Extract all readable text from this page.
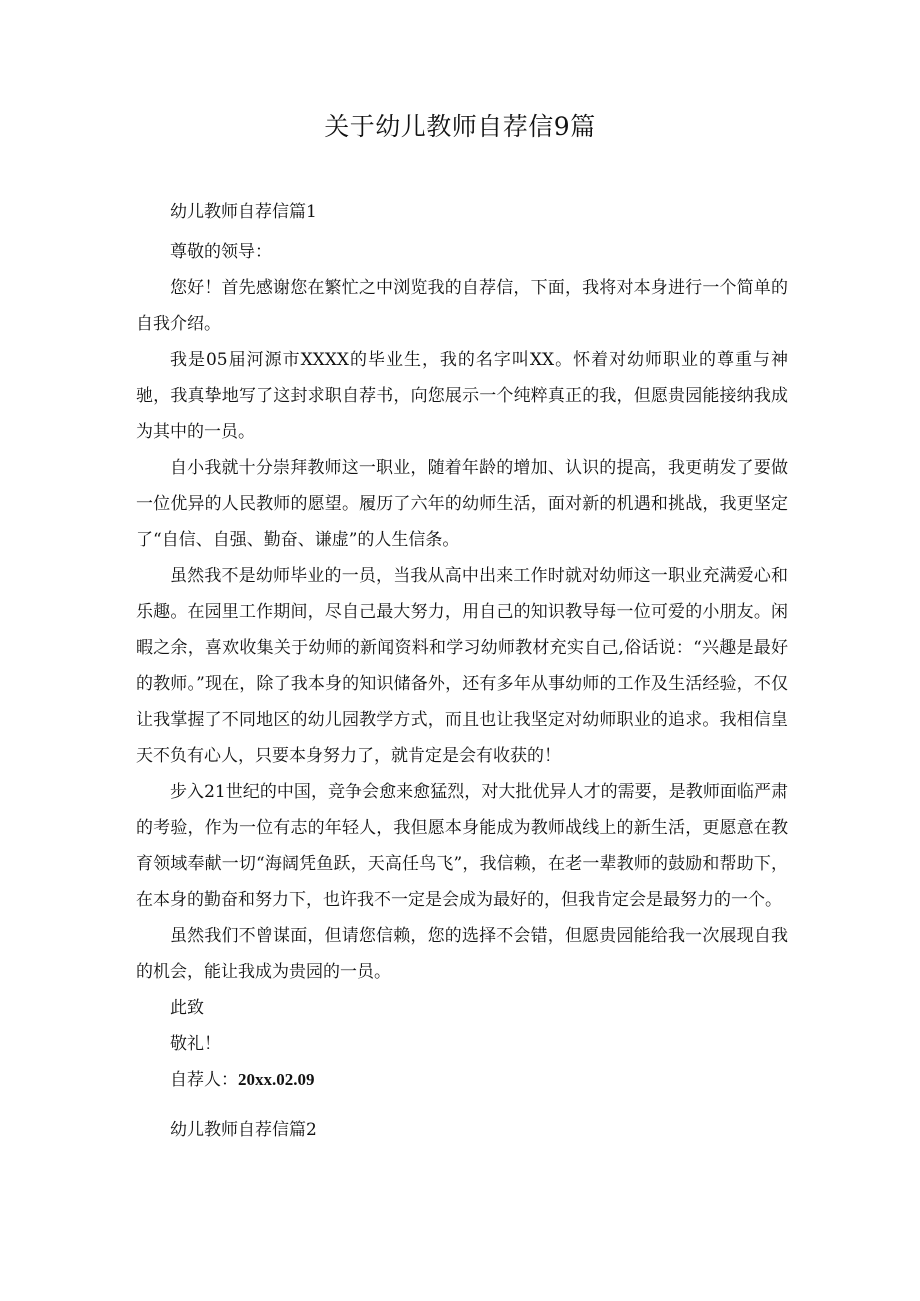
关于幼儿教师自荐信9篇

幼儿教师自荐信篇1

尊敬的领导：

您好！首先感谢您在繁忙之中浏览我的自荐信，下面，我将对本身进行一个简单的自我介绍。

我是05届河源市XXXX的毕业生，我的名字叫XX。怀着对幼师职业的尊重与神驰，我真挚地写了这封求职自荐书，向您展示一个纯粹真正的我，但愿贵园能接纳我成为其中的一员。

自小我就十分崇拜教师这一职业，随着年龄的增加、认识的提高，我更萌发了要做一位优异的人民教师的愿望。履历了六年的幼师生活，面对新的机遇和挑战，我更坚定了“自信、自强、勤奋、谦虚”的人生信条。

虽然我不是幼师毕业的一员，当我从高中出来工作时就对幼师这一职业充满爱心和乐趣。在园里工作期间，尽自己最大努力，用自己的知识教导每一位可爱的小朋友。闲暇之余，喜欢收集关于幼师的新闻资料和学习幼师教材充实自己,俗话说：“兴趣是最好的教师。”现在，除了我本身的知识储备外，还有多年从事幼师的工作及生活经验，不仅让我掌握了不同地区的幼儿园教学方式，而且也让我坚定对幼师职业的追求。我相信皇天不负有心人，只要本身努力了，就肯定是会有收获的！

步入21世纪的中国，竞争会愈来愈猛烈，对大批优异人才的需要，是教师面临严肃的考验，作为一位有志的年轻人，我但愿本身能成为教师战线上的新生活，更愿意在教育领域奉献一切“海阔凭鱼跃，天高任鸟飞”，我信赖，在老一辈教师的鼓励和帮助下，在本身的勤奋和努力下，也许我不一定是会成为最好的，但我肯定会是最努力的一个。

虽然我们不曾谋面，但请您信赖，您的选择不会错，但愿贵园能给我一次展现自我的机会，能让我成为贵园的一员。

此致

敬礼！

自荐人：20xx.02.09

幼儿教师自荐信篇2
